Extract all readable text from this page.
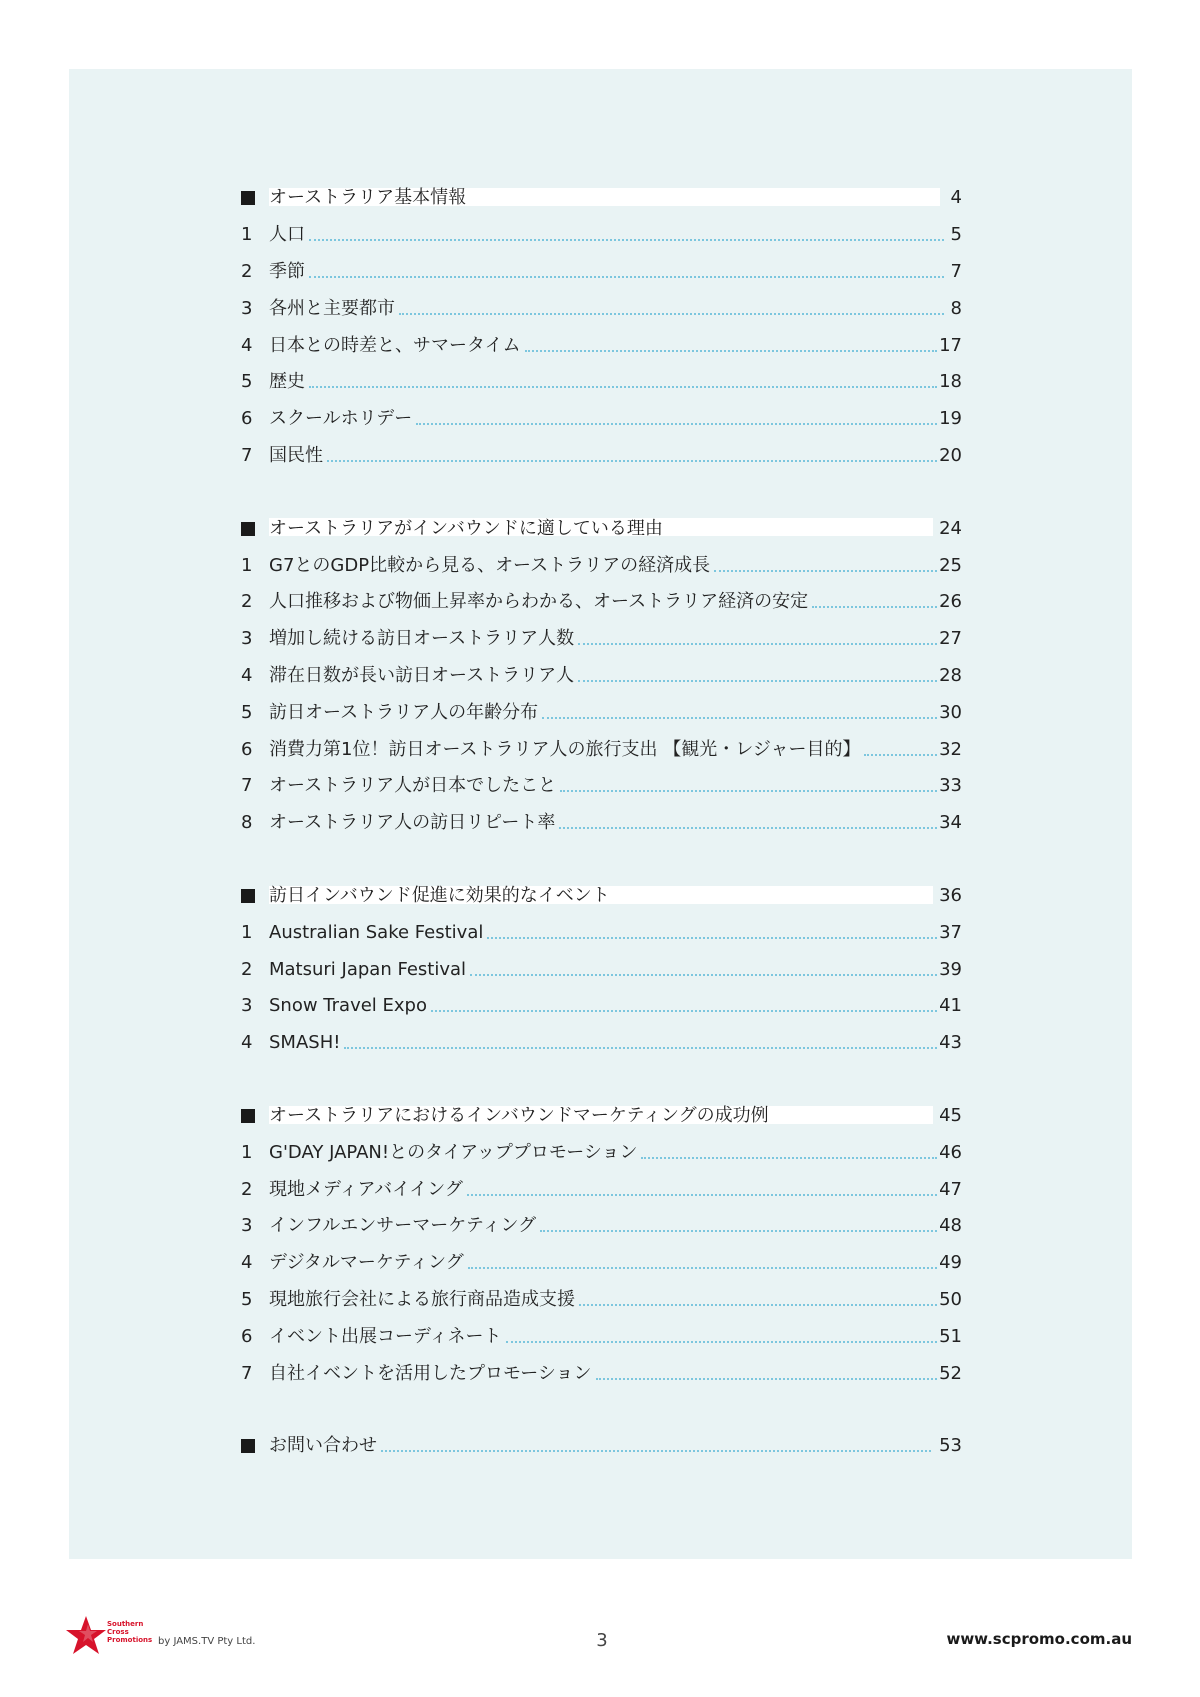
オーストラリア基本情報	4
1 人口	5
2 季節	7
3 各州と主要都市	8
4 日本との時差と、サマータイム	17
5 歴史	18
6 スクールホリデー	19
7 国民性	20
オーストラリアがインバウンドに適している理由	24
1 G7とのGDP比較から見る、オーストラリアの経済成長	25
2 人口推移および物価上昇率からわかる、オーストラリア経済の安定	26
3 増加し続ける訪日オーストラリア人数	27
4 滞在日数が長い訪日オーストラリア人	28
5 訪日オーストラリア人の年齢分布	30
6 消費力第1位！訪日オーストラリア人の旅行支出 【観光・レジャー目的】	32
7 オーストラリア人が日本でしたこと	33
8 オーストラリア人の訪日リピート率	34
訪日インバウンド促進に効果的なイベント	36
1 Australian Sake Festival	37
2 Matsuri Japan Festival	39
3 Snow Travel Expo	41
4 SMASH!	43
オーストラリアにおけるインバウンドマーケティングの成功例	45
1 G'DAY JAPAN!とのタイアッププロモーション	46
2 現地メディアバイイング	47
3 インフルエンサーマーケティング	48
4 デジタルマーケティング	49
5 現地旅行会社による旅行商品造成支援	50
6 イベント出展コーディネート	51
7 自社イベントを活用したプロモーション	52
お問い合わせ	53
Southern
Cross
Promotions by JAMS.TV Pty Ltd.	3	www.scpromo.com.au
